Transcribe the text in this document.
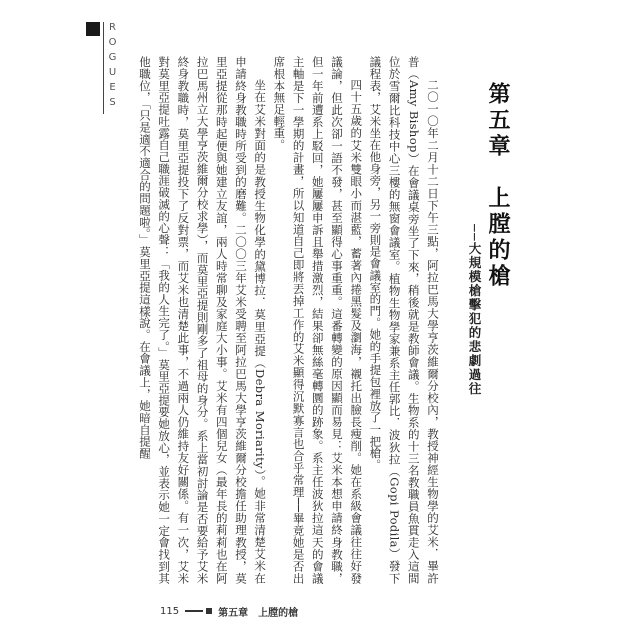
ROGUES

二〇一〇年二月十二日下午三點，阿拉巴馬大學亨茨維爾分校內，教授神經生物學的艾米．畢許普（Amy Bishop）在會議桌旁坐了下來，稍後就是教師會議。生物系的十三名教職員魚貫走入這間位於雪爾比科技中心三樓的無窗會議室。植物生物學家兼系主任郭比．波狄拉（Gopi Podila）發下議程表，艾米坐在他身旁，另一旁則是會議室的門。她的手提包裡放了一把槍。

四十五歲的艾米雙眼小而湛藍，蓄著內捲黑髮及瀏海，襯托出臉長瘦削。她在系級會議往往好發議論，但此次卻一語不發，甚至顯得心事重重。這番轉變的原因顯而易見：艾米本想申請終身教職，但一年前遭系上駁回，她屢屢申訴且舉措激烈，結果卻無絲毫轉圜的跡象。系主任波狄拉這天的會議主軸是下一學期的計畫，所以知道自己即將丟掉工作的艾米顯得沉默寡言也合乎常理──畢竟她是否出席根本無足輕重。

坐在艾米對面的是教授生物化學的黛博拉．莫里亞提（Debra Moriarity）。她非常清楚艾米在申請終身教職時所受到的磨難。二〇〇三年艾米受聘至阿拉巴馬大學亨茨維爾分校擔任助理教授，莫里亞提從那時起便與她建立友誼，兩人時常聊及家庭大小事。艾米有四個兒女（最年長的莉莉也在阿拉巴馬州立大學亨茨維爾分校求學），而莫里亞提則剛多了祖母的身分。系上當初討論是否要給予艾米終身教職時，莫里亞提投下了反對票，而艾米也清楚此事，不過兩人仍維持友好關係。有一次，艾米對莫里亞提吐露自己職涯破滅的心聲：「我的人生完了。」莫里亞提要她放心，並表示她一定會找到其他職位，「只是適不適合的問題啦。」莫里亞提這樣說。在會議上，她暗自提醒	第五章　上膛的槍
──大規模槍擊犯的悲劇過往
115	第五章 上膛的槍
